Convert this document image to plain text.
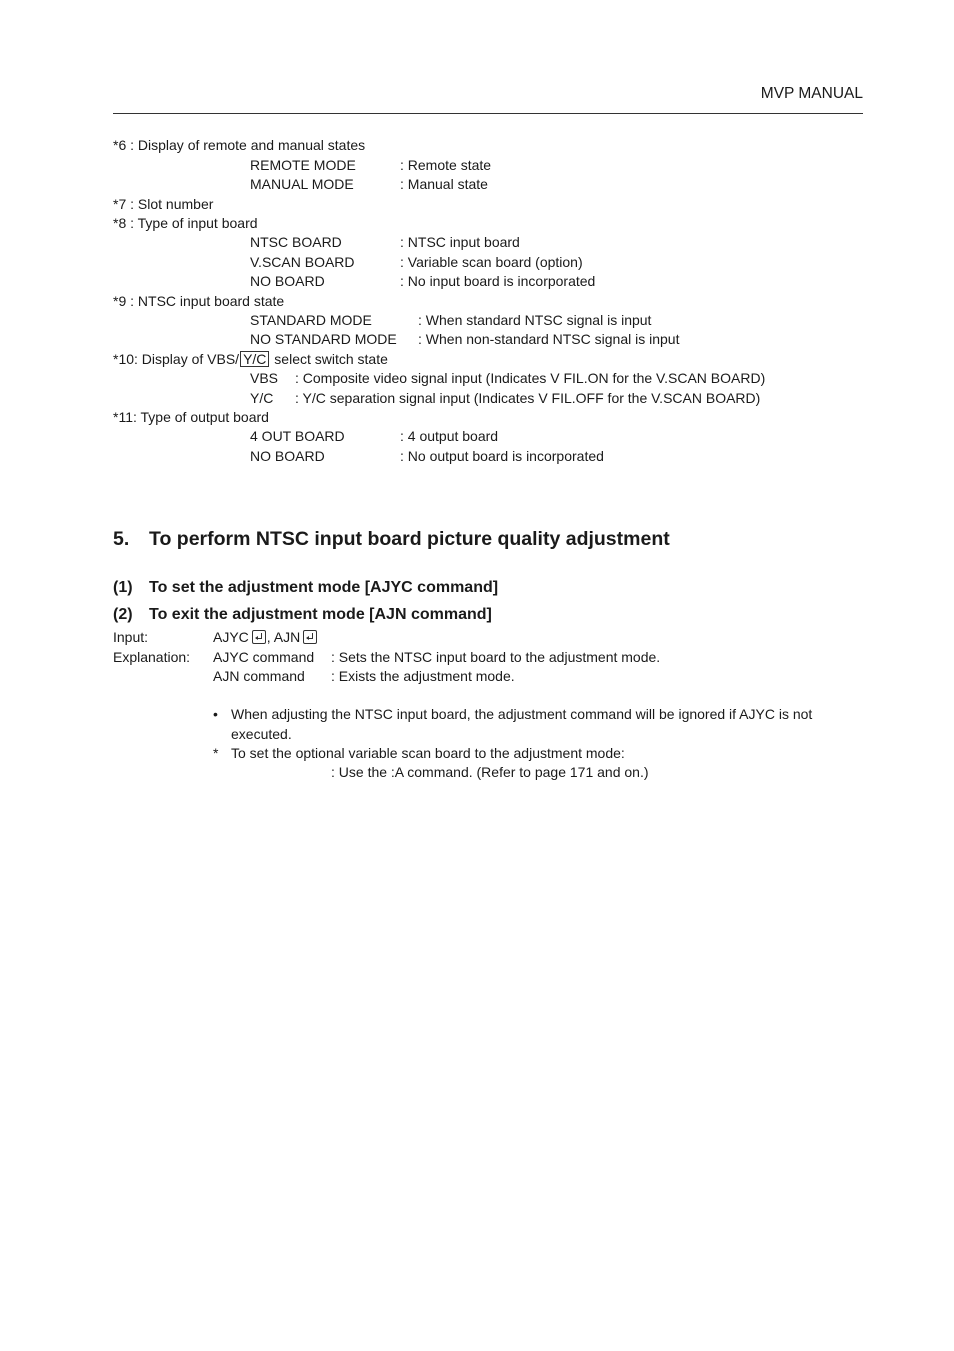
MVP MANUAL
*6 : Display of remote and manual states
REMOTE MODE	: Remote state
MANUAL MODE	: Manual state
*7 : Slot number
*8 : Type of input board
NTSC BOARD	: NTSC input board
V.SCAN BOARD	: Variable scan board (option)
NO BOARD	: No input board is incorporated
*9 : NTSC input board state
STANDARD MODE	: When standard NTSC signal is input
NO STANDARD MODE : When non-standard NTSC signal is input
*10: Display of VBS/ Y/C select switch state
VBS : Composite video signal input (Indicates V FIL.ON for the V.SCAN BOARD)
Y/C : Y/C separation signal input (Indicates V FIL.OFF for the V.SCAN BOARD)
*11: Type of output board
4 OUT BOARD	: 4 output board
NO BOARD	: No output board is incorporated
5. To perform NTSC input board picture quality adjustment
(1) To set the adjustment mode [AJYC command]
(2) To exit the adjustment mode [AJN command]
Input:	AJYC , AJN
Explanation: AJYC command : Sets the NTSC input board to the adjustment mode.
AJN command : Exists the adjustment mode.
• When adjusting the NTSC input board, the adjustment command will be ignored if AJYC is not
executed.
* To set the optional variable scan board to the adjustment mode:
: Use the :A command. (Refer to page 171 and on.)
